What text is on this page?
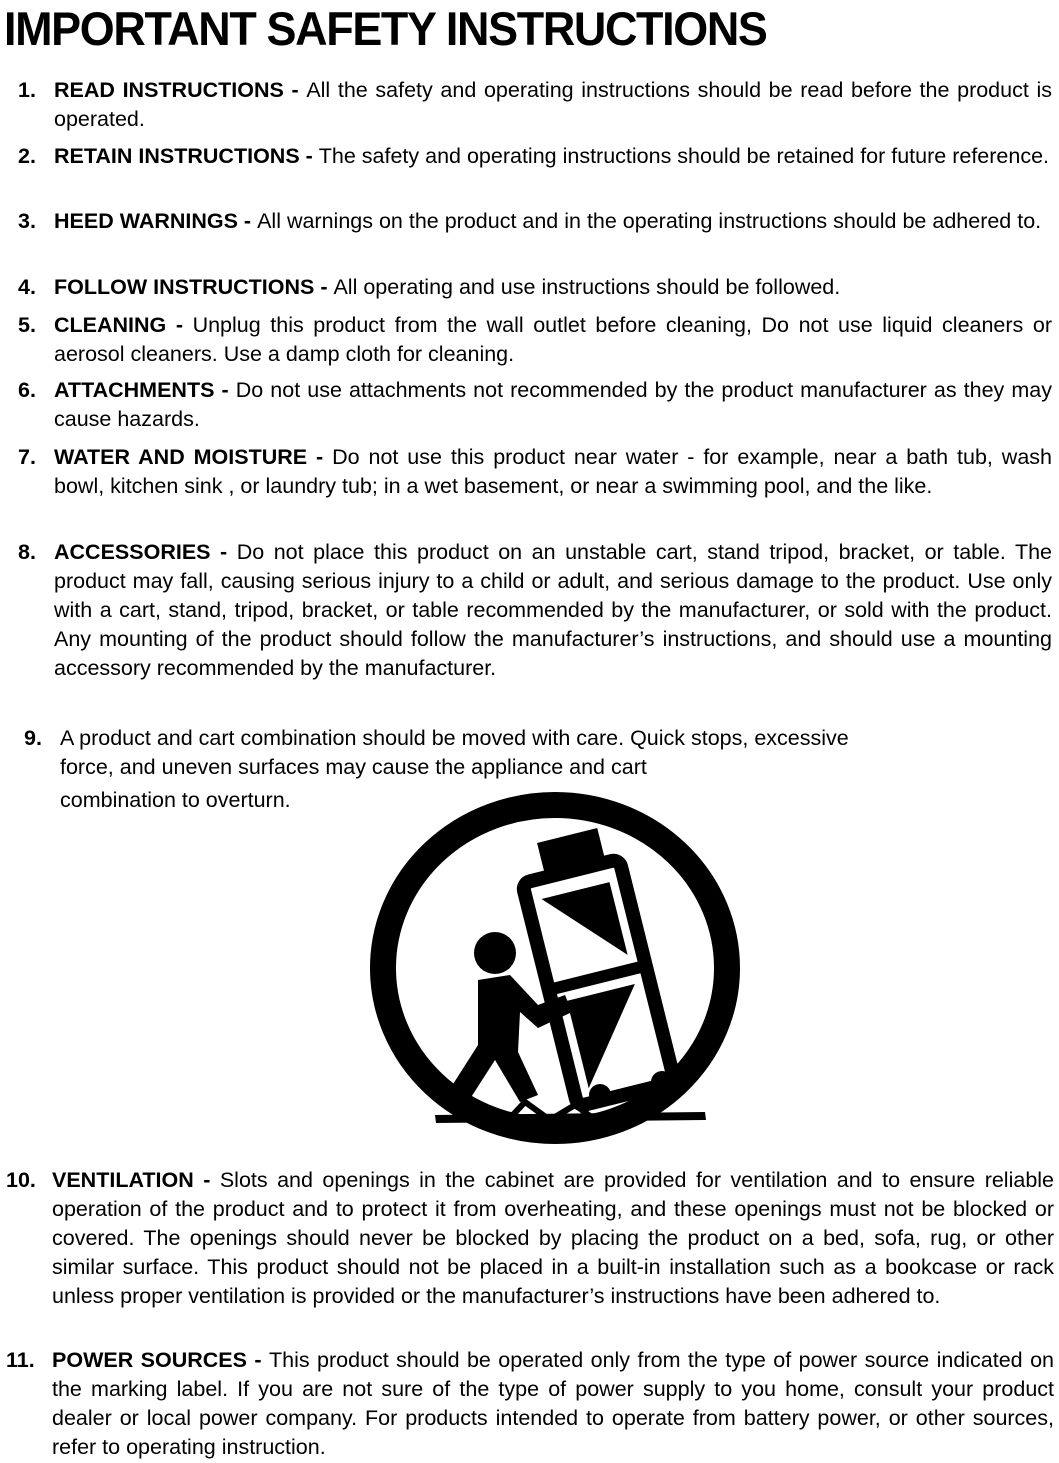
IMPORTANT SAFETY INSTRUCTIONS
1. READ INSTRUCTIONS - All the safety and operating instructions should be read before the product is operated.

2. RETAIN INSTRUCTIONS - The safety and operating instructions should be retained for future reference.

3. HEED WARNINGS - All warnings on the product and in the operating instructions should be adhered to.

4. FOLLOW INSTRUCTIONS - All operating and use instructions should be followed.

5. CLEANING - Unplug this product from the wall outlet before cleaning, Do not use liquid cleaners or aerosol cleaners. Use a damp cloth for cleaning.

6. ATTACHMENTS - Do not use attachments not recommended by the product manufacturer as they may cause hazards.

7. WATER AND MOISTURE - Do not use this product near water - for example, near a bath tub, wash bowl, kitchen sink , or laundry tub; in a wet basement, or near a swimming pool, and the like.

8. ACCESSORIES - Do not place this product on an unstable cart, stand tripod, bracket, or table. The product may fall, causing serious injury to a child or adult, and serious damage to the product. Use only with a cart, stand, tripod, bracket, or table recommended by the manufacturer, or sold with the product. Any mounting of the product should follow the manufacturer’s instructions, and should use a mounting accessory recommended by the manufacturer.

9. A product and cart combination should be moved with care. Quick stops, excessive

force, and uneven surfaces may cause the appliance and cart

combination to overturn.

10. VENTILATION - Slots and openings in the cabinet are provided for ventilation and to ensure reliable operation of the product and to protect it from overheating, and these openings must not be blocked or covered. The openings should never be blocked by placing the product on a bed, sofa, rug, or other similar surface. This product should not be placed in a built-in installation such as a bookcase or rack unless proper ventilation is provided or the manufacturer’s instructions have been adhered to.

11. POWER SOURCES - This product should be operated only from the type of power source indicated on the marking label. If you are not sure of the type of power supply to you home, consult your product dealer or local power company. For products intended to operate from battery power, or other sources, refer to operating instruction.
